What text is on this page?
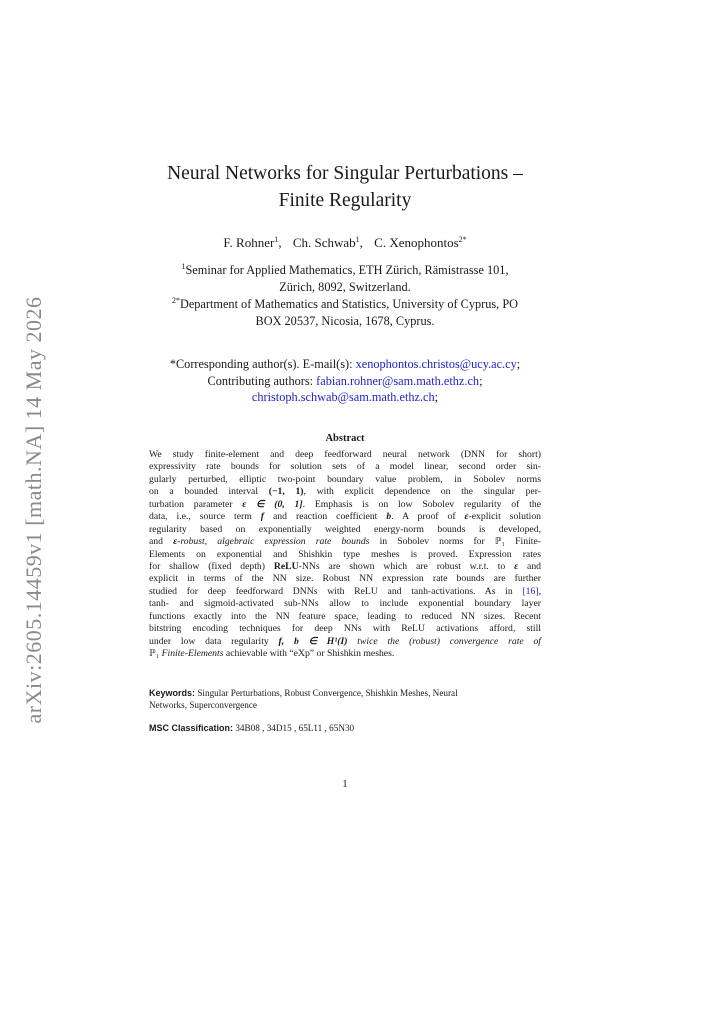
arXiv:2605.14459v1 [math.NA] 14 May 2026
Neural Networks for Singular Perturbations –
Finite Regularity
F. Rohner$^1$, Ch. Schwab$^1$, C. Xenophontos$^{2*}$
$^1$Seminar for Applied Mathematics, ETH Zürich, Rämistrasse 101,
Zürich, 8092, Switzerland.
$^{2*}$Department of Mathematics and Statistics, University of Cyprus, PO
BOX 20537, Nicosia, 1678, Cyprus.
*Corresponding author(s). E-mail(s): xenophontos.christos@ucy.ac.cy;
Contributing authors: fabian.rohner@sam.math.ethz.ch;
christoph.schwab@sam.math.ethz.ch;
Abstract
We study finite-element and deep feedforward neural network (DNN for short)
expressivity rate bounds for solution sets of a model linear, second order sin-
gularly perturbed, elliptic two-point boundary value problem, in Sobolev norms
on a bounded interval (−1, 1), with explicit dependence on the singular per-
turbation parameter ε ∈ (0, 1]. Emphasis is on low Sobolev regularity of the
data, i.e., source term f and reaction coefficient b. A proof of ε-explicit solution
regularity based on exponentially weighted energy-norm bounds is developed,
and ε-robust, algebraic expression rate bounds in Sobolev norms for ℙ₁ Finite-
Elements on exponential and Shishkin type meshes is proved. Expression rates
for shallow (fixed depth) ReLU-NNs are shown which are robust w.r.t. to ε and
explicit in terms of the NN size. Robust NN expression rate bounds are further
studied for deep feedforward DNNs with ReLU and tanh-activations. As in [16],
tanh- and sigmoid-activated sub-NNs allow to include exponential boundary layer
functions exactly into the NN feature space, leading to reduced NN sizes. Recent
bitstring encoding techniques for deep NNs with ReLU activations afford, still
under low data regularity f, b ∈ H¹(I) twice the (robust) convergence rate of
ℙ₁ Finite-Elements achievable with “eXp” or Shishkin meshes.
Keywords: Singular Perturbations, Robust Convergence, Shishkin Meshes, Neural
Networks, Superconvergence
MSC Classification: 34B08 , 34D15 , 65L11 , 65N30
1
